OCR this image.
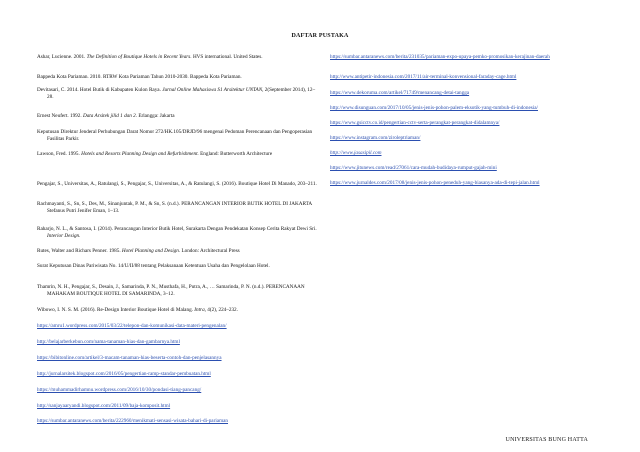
DAFTAR PUSTAKA

Ashar, Lucienne. 2001. The Definition of Boutique Hotels in Recent Years. HVS international. United States.

Bappeda Kota Pariaman. 2010. RTRW Kota Pariaman Tahun 2010-2030. Bappeda Kota Pariaman.

Devitasari, C. 2014. Hotel Butik di Kabupaten Kulon Raya. Jurnal Online Mahasiswa S1 Arsitektur UNTAN, 2(September 2014), 12–28.

Ernest Neufert. 1992. Data Arsitek jilid 1 dan 2. Erlangga: Jakarta

Keputusan Direktur Jenderal Perhubungan Darat Nomor 272/HK.105/DRJD/96 mengenai Pedoman Perencanaan dan Pengoperasian Fasilitas Parkir.

Lawson, Fred. 1995. Hotels and Resorts Planning Design and Refurbishment. England: Butterworth Architecture

Pengajar, S., Universitas, A., Ratulangi, S., Pengajar, S., Universitas, A., & Ratulangi, S. (2016). Boutique Hotel Di Manado, 203–211.

Rachmayanti, S., Sn, S., Des, M., Sinanjuntak, P. M., & Sn, S. (n.d.). PERANCANGAN INTERIOR BUTIK HOTEL DI JAKARTA Stefanus Putri Jenifer Eman, 1–13.

Raharjo, N. L., & Santosa, I. (2014). Perancangan Interior Butik Hotel, Surakarta Dengan Pendekatan Konsep Cerita Rakyat Dewi Sri. Interior Design.

Rutes, Walter and Richars Penner. 1985. Hotel Planning and Design. London: Architectural Press

Surat Keputusan Dinas Pariwisata No. 14/U/II/88 tentang Pelaksanaan Ketentuan Usaha dan Pengelolaan Hotel.

Thamrin, N. H., Pengajar, S., Desain, J., Samarinda, P. N., Musthafa, H., Putra, A., … Samarinda, P. N. (n.d.). PERENCANAAN MAHAKAM BOUTIQUE HOTEL DI SAMARINDA, 3–12.

Wibowo, I. N. S. M. (2016). Re-Design Interior Boutique Hotel di Malang. Intra, 4(2), 224–232.

https://amru1.wordpress.com/2015/03/22/telepon-dan-komunikasi-data-materi-pengenalan/

http://belajarberkebun.com/nama-tanaman-hias-dan-gambarnya.html

https://bibitonline.com/artikel/3-macam-tanaman-hias-beserta-contoh-dan-penjelasannya

http://jurnalarsitek.blogspot.com/2016/05/pengertian-ramp-standar-pembuatan.html

https://muhammadirhamnu.wordpress.com/2016/10/30/pondasi-tiang-pancang/

http://sanjayaaryandi.blogspot.com/2011/09/baja-komposit.html

https://sumbar.antaranews.com/berita/222960/menikmati-sensasi-wisata-bahari-di-pariaman

https://sumbar.antaranews.com/berita/231035/pariaman-expo-upaya-pemko-promosikan-kerajinan-daerah

http://www.antipetir-indonesia.com/2017/11/air-terminal-konvensional-faraday-cage.html

https://www.dekoruma.com/artikel/71749/menancang-detai-tangga

http://www.disunguan.com/2017/10/05/jenis-jenis-pohon-palem-eksotik-yang-tumbuh-di-indonesia/

https://www.gsicctv.co.id/pengertian-cctv-serta-perangkat-perangkat-didalamnya/

https://www.instagram.com/ziroleptriaman/

http://www.jasasipil.com

https://www.jitunews.com/read/27061/cara-mudah-budidaya-rumput-gajah-mini

https://www.jurnaldes.com/2017/08/jenis-jenis-pohon-peneduh-yang-biasanya-ada-di-tepi-jalan.html

UNIVERSITAS BUNG HATTA
